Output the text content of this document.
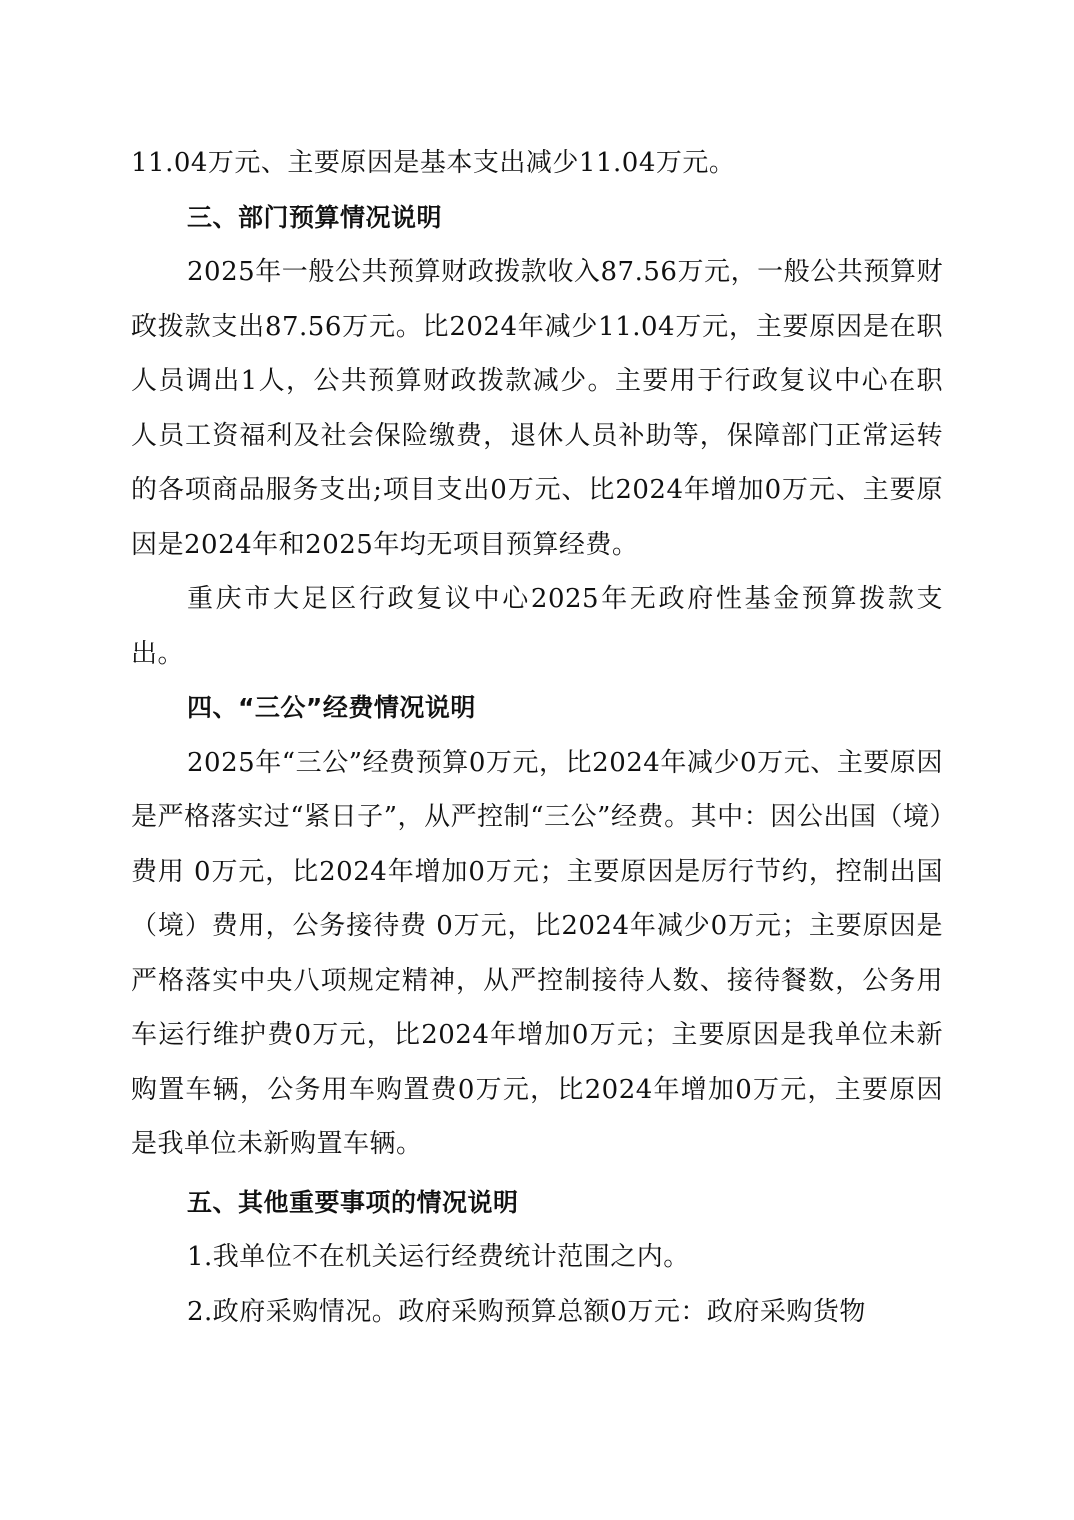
11.04万元、主要原因是基本支出减少11.04万元。

三、部门预算情况说明

2025年一般公共预算财政拨款收入87.56万元，一般公共预算财政拨款支出87.56万元。比2024年减少11.04万元，主要原因是在职人员调出1人，公共预算财政拨款减少。主要用于行政复议中心在职人员工资福利及社会保险缴费，退休人员补助等，保障部门正常运转的各项商品服务支出;项目支出0万元、比2024年增加0万元、主要原因是2024年和2025年均无项目预算经费。

重庆市大足区行政复议中心2025年无政府性基金预算拨款支出。

四、“三公”经费情况说明

2025年“三公”经费预算0万元，比2024年减少0万元、主要原因是严格落实过“紧日子”，从严控制“三公”经费。其中：因公出国（境）费用 0万元，比2024年增加0万元；主要原因是厉行节约，控制出国（境）费用，公务接待费 0万元，比2024年减少0万元；主要原因是严格落实中央八项规定精神，从严控制接待人数、接待餐数，公务用车运行维护费0万元，比2024年增加0万元；主要原因是我单位未新购置车辆，公务用车购置费0万元，比2024年增加0万元，主要原因是我单位未新购置车辆。

五、其他重要事项的情况说明

1.我单位不在机关运行经费统计范围之内。

2.政府采购情况。政府采购预算总额0万元：政府采购货物
